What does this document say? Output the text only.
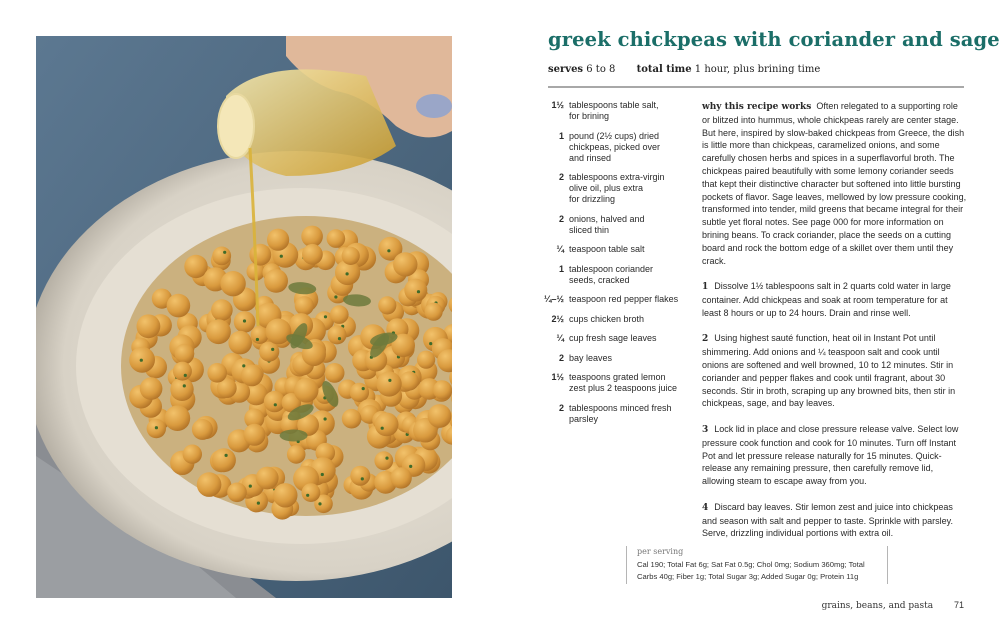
greek chickpeas with coriander and sage
serves 6 to 8 total time 1 hour, plus brining time
1½ tablespoons table salt,
for brining
1 pound (2½ cups) dried
chickpeas, picked over
and rinsed
2 tablespoons extra-virgin
olive oil, plus extra
for drizzling
2 onions, halved and
sliced thin
¼ teaspoon table salt
1 tablespoon coriander
seeds, cracked
¼–½ teaspoon red pepper flakes
2½ cups chicken broth
¼ cup fresh sage leaves
2 bay leaves
1½ teaspoons grated lemon
zest plus 2 teaspoons juice
2 tablespoons minced fresh
parsley

why this recipe works Often relegated to a supporting role or blitzed into hummus, whole chickpeas rarely are center stage. But here, inspired by slow-baked chickpeas from Greece, the dish is little more than chickpeas, caramelized onions, and some carefully chosen herbs and spices in a superflavorful broth. The chickpeas paired beautifully with some lemony coriander seeds that kept their distinctive character but softened into little bursting pockets of flavor. Sage leaves, mellowed by low pressure cooking, transformed into tender, mild greens that became integral for their subtle yet floral notes. See page 000 for more information on brining beans. To crack coriander, place the seeds on a cutting board and rock the bottom edge of a skillet over them until they crack.

1 Dissolve 1½ tablespoons salt in 2 quarts cold water in large container. Add chickpeas and soak at room temperature for at least 8 hours or up to 24 hours. Drain and rinse well.

2 Using highest sauté function, heat oil in Instant Pot until shimmering. Add onions and ¼ teaspoon salt and cook until onions are softened and well browned, 10 to 12 minutes. Stir in coriander and pepper flakes and cook until fragrant, about 30 seconds. Stir in broth, scraping up any browned bits, then stir in chickpeas, sage, and bay leaves.

3 Lock lid in place and close pressure release valve. Select low pressure cook function and cook for 10 minutes. Turn off Instant Pot and let pressure release naturally for 15 minutes. Quick-release any remaining pressure, then carefully remove lid, allowing steam to escape away from you.

4 Discard bay leaves. Stir lemon zest and juice into chickpeas and season with salt and pepper to taste. Sprinkle with parsley. Serve, drizzling individual portions with extra oil.

per serving
Cal 190; Total Fat 6g; Sat Fat 0.5g; Chol 0mg; Sodium 360mg; Total
Carbs 40g; Fiber 1g; Total Sugar 3g; Added Sugar 0g; Protein 11g
grains, beans, and pasta 71
